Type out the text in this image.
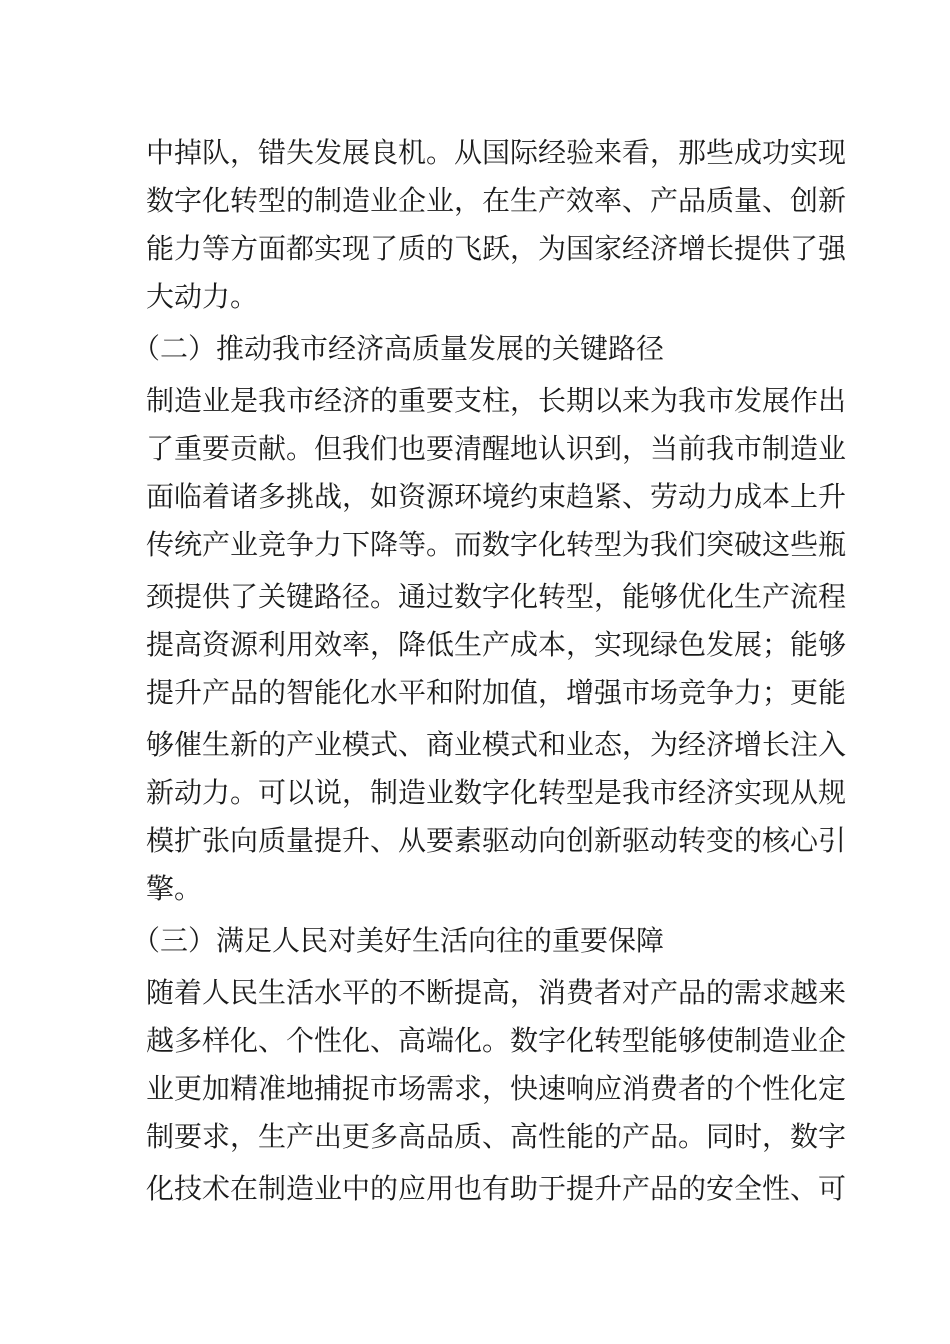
中掉队，错失发展良机。从国际经验来看，那些成功实现
数字化转型的制造业企业，在生产效率、产品质量、创新
能力等方面都实现了质的飞跃，为国家经济增长提供了强
大动力。
（二）推动我市经济高质量发展的关键路径
制造业是我市经济的重要支柱，长期以来为我市发展作出
了重要贡献。但我们也要清醒地认识到，当前我市制造业
面临着诸多挑战，如资源环境约束趋紧、劳动力成本上升
传统产业竞争力下降等。而数字化转型为我们突破这些瓶
颈提供了关键路径。通过数字化转型，能够优化生产流程
提高资源利用效率，降低生产成本，实现绿色发展；能够
提升产品的智能化水平和附加值，增强市场竞争力；更能
够催生新的产业模式、商业模式和业态，为经济增长注入
新动力。可以说，制造业数字化转型是我市经济实现从规
模扩张向质量提升、从要素驱动向创新驱动转变的核心引
擎。
（三）满足人民对美好生活向往的重要保障
随着人民生活水平的不断提高，消费者对产品的需求越来
越多样化、个性化、高端化。数字化转型能够使制造业企
业更加精准地捕捉市场需求，快速响应消费者的个性化定
制要求，生产出更多高品质、高性能的产品。同时，数字
化技术在制造业中的应用也有助于提升产品的安全性、可
